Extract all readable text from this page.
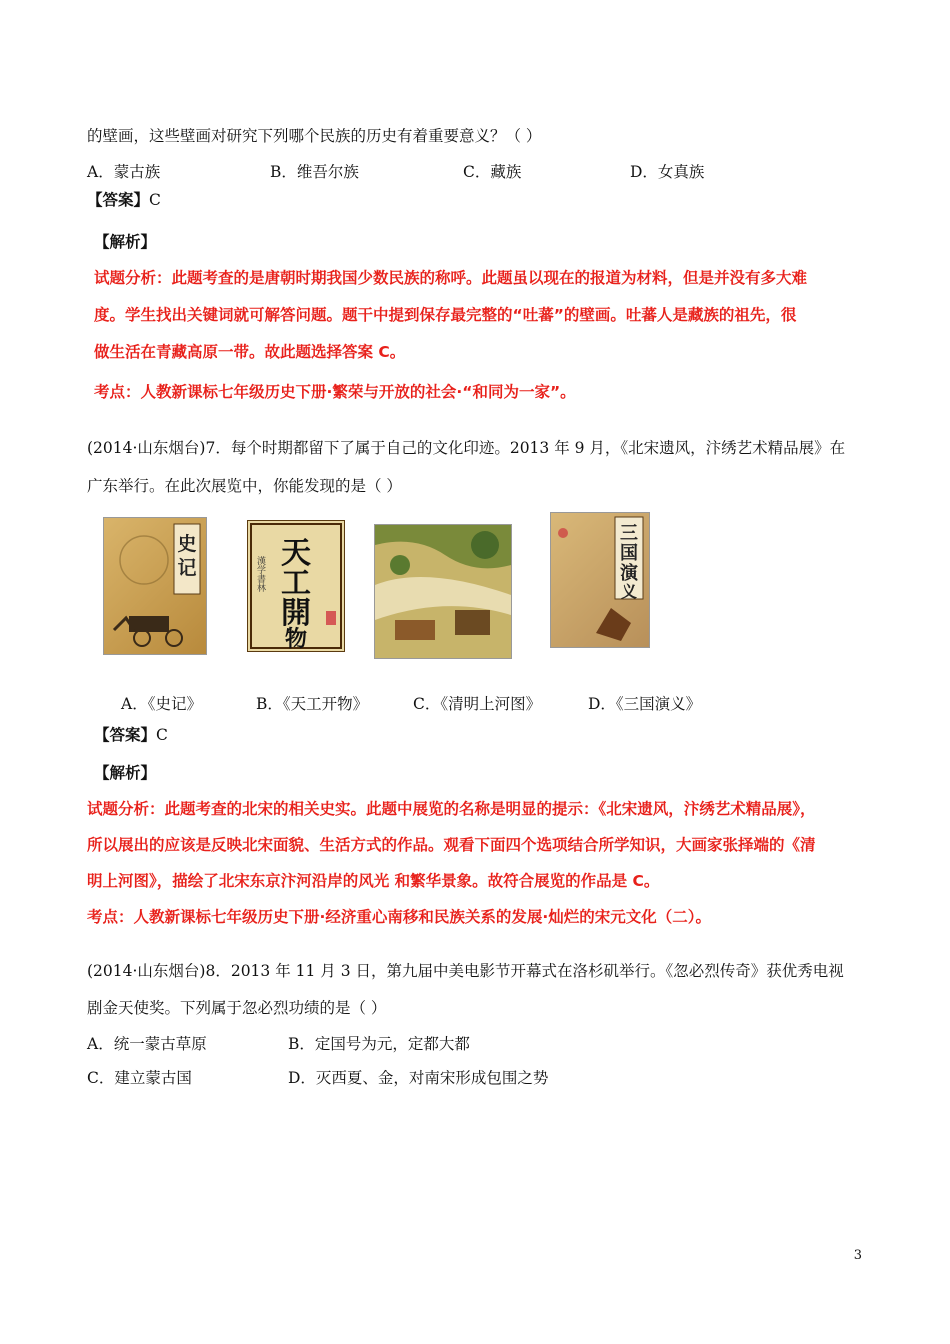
的壁画，这些壁画对研究下列哪个民族的历史有着重要意义？（ ）
A．蒙古族	B．维吾尔族	C．藏族	D．女真族
【答案】C
【解析】
试题分析：此题考查的是唐朝时期我国少数民族的称呼。此题虽以现在的报道为材料，但是并没有多大难
度。学生找出关键词就可解答问题。题干中提到保存最完整的“吐蕃”的壁画。吐蕃人是藏族的祖先，很
做生活在青藏高原一带。故此题选择答案 C。
考点：人教新课标七年级历史下册·繁荣与开放的社会·“和同为一家”。
(2014·山东烟台)7．每个时期都留下了属于自己的文化印迹。2013 年 9 月，《北宋遗风，汴绣艺术精品展》在
广东举行。在此次展览中，你能发现的是（ ）
史
记	漢学書林
天
工
開
物
三
国
演
义
A．《史记》	B．《天工开物》	C．《清明上河图》	D．《三国演义》
【答案】C
【解析】
试题分析：此题考查的北宋的相关史实。此题中展览的名称是明显的提示：《北宋遗风，汴绣艺术精品展》，
所以展出的应该是反映北宋面貌、生活方式的作品。观看下面四个选项结合所学知识，大画家张择端的《清
明上河图》，描绘了北宋东京汴河沿岸的风光 和繁华景象。故符合展览的作品是 C。
考点：人教新课标七年级历史下册·经济重心南移和民族关系的发展·灿烂的宋元文化（二）。
(2014·山东烟台)8．2013 年 11 月 3 日，第九届中美电影节开幕式在洛杉矶举行。《忽必烈传奇》获优秀电视
剧金天使奖。下列属于忽必烈功绩的是（ ）
A．统一蒙古草原	B．定国号为元，定都大都
C．建立蒙古国	D．灭西夏、金，对南宋形成包围之势
3
